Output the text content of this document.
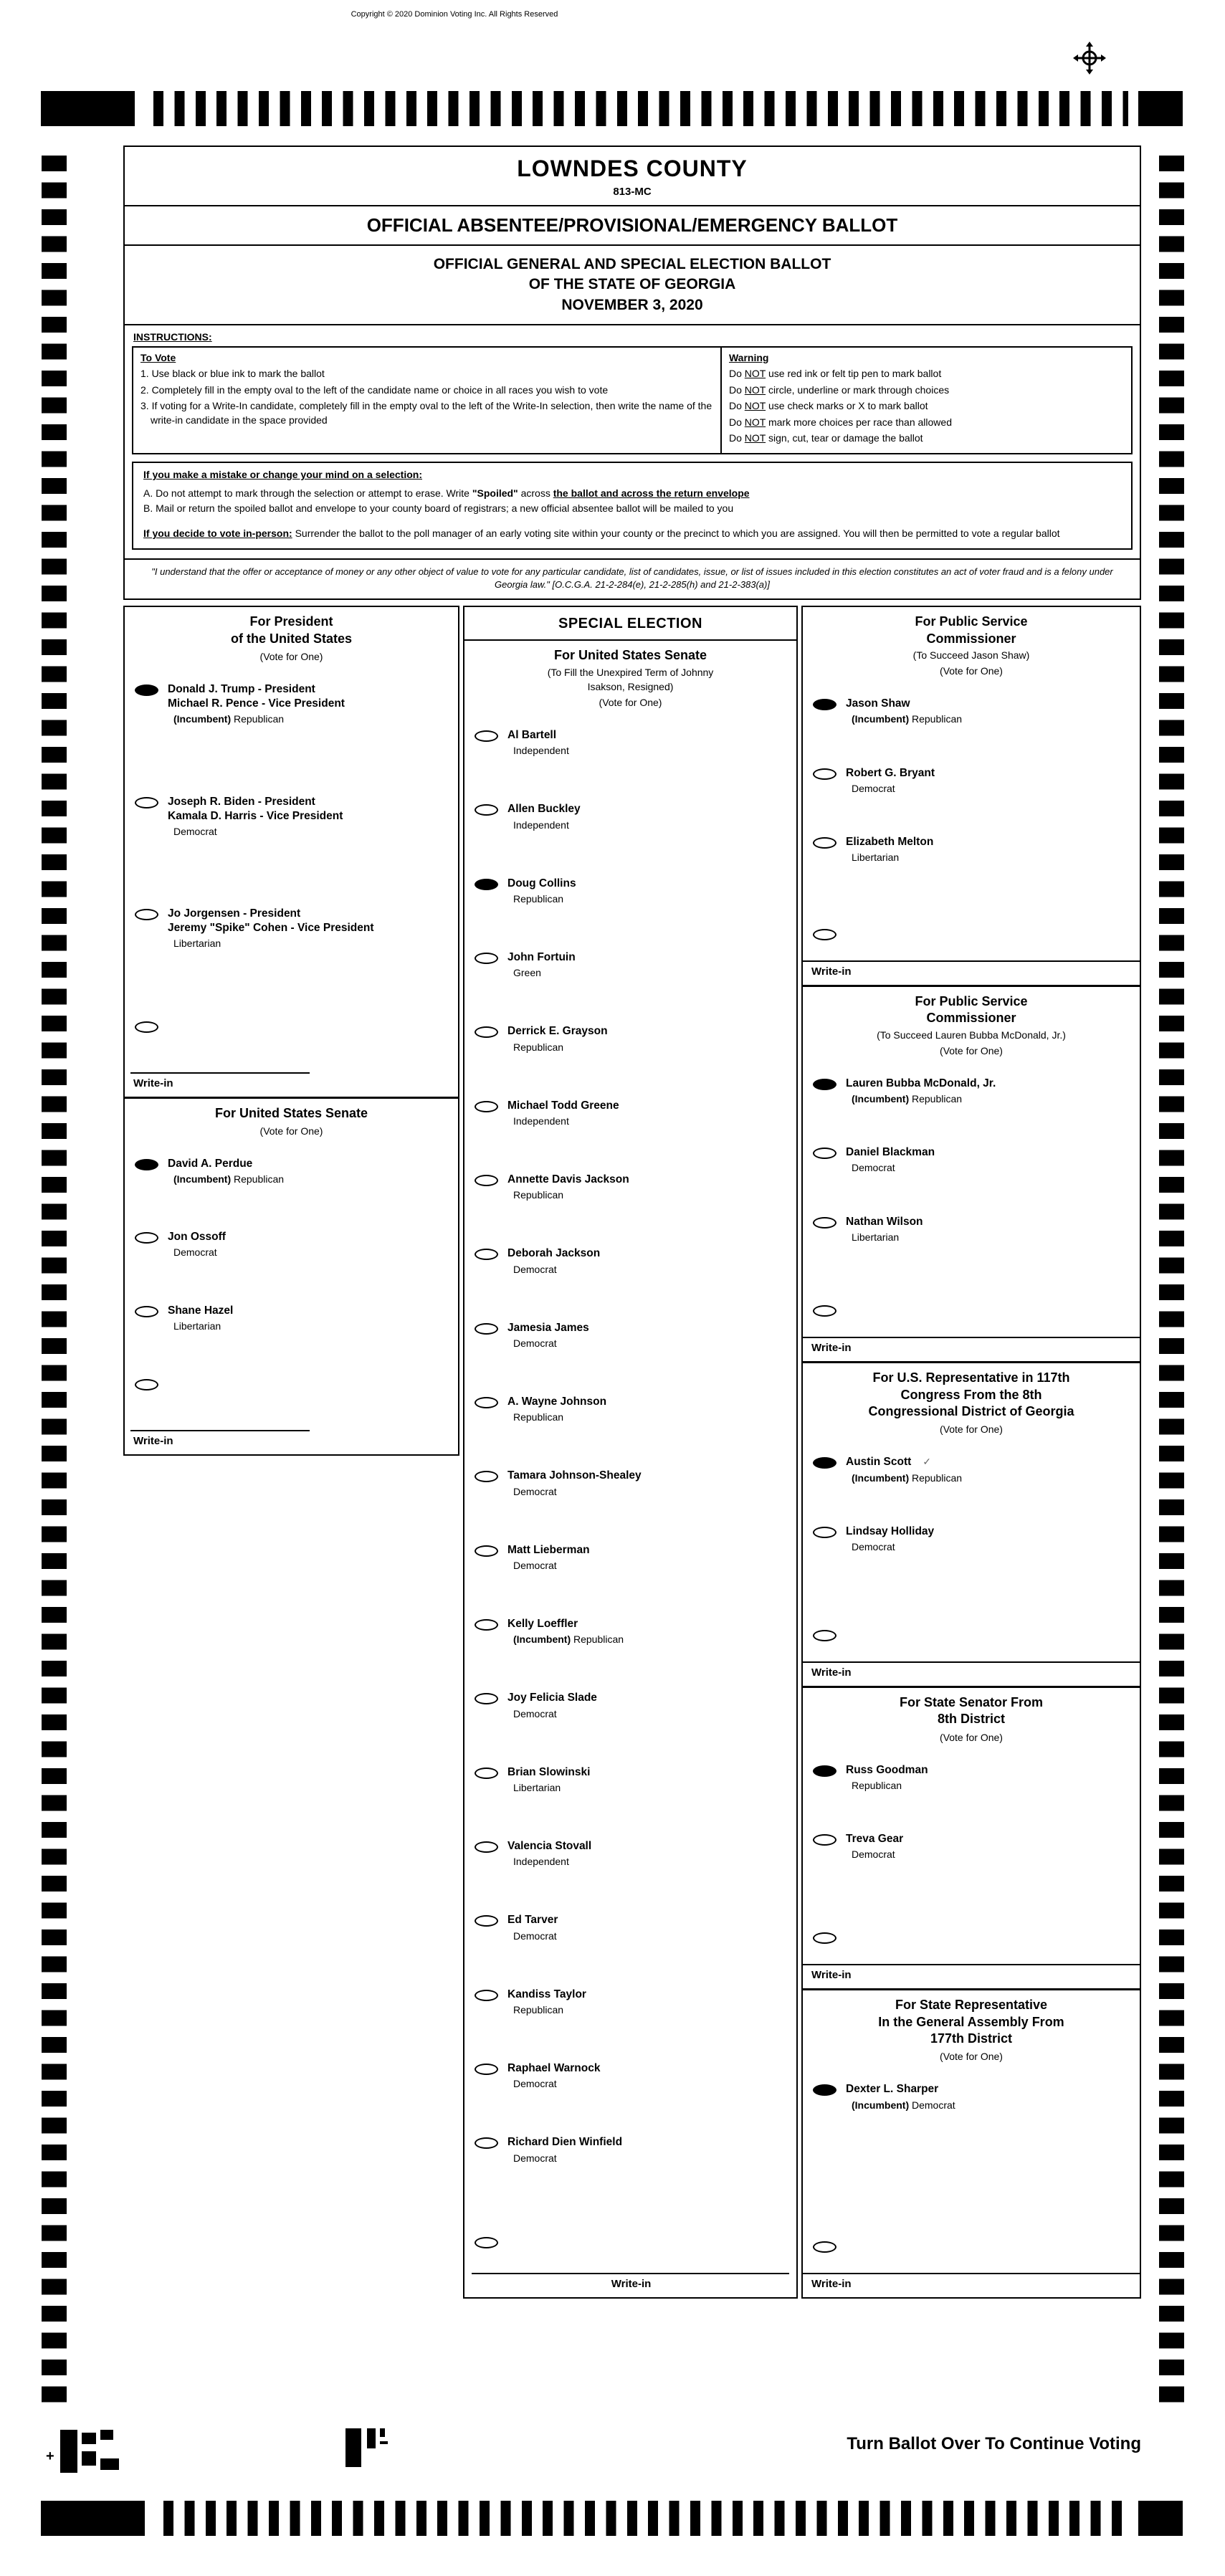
Copyright © 2020 Dominion Voting Inc. All Rights Reserved
LOWNDES COUNTY
813-MC
OFFICIAL ABSENTEE/PROVISIONAL/EMERGENCY BALLOT
OFFICIAL GENERAL AND SPECIAL ELECTION BALLOT
OF THE STATE OF GEORGIA
NOVEMBER 3, 2020
INSTRUCTIONS:
To Vote
1. Use black or blue ink to mark the ballot
2. Completely fill in the empty oval to the left of the candidate name or choice in all races you wish to vote
3. If voting for a Write-In candidate, completely fill in the empty oval to the left of the Write-In selection, then write the name of the write-in candidate in the space provided
Warning
Do NOT use red ink or felt tip pen to mark ballot
Do NOT circle, underline or mark through choices
Do NOT use check marks or X to mark ballot
Do NOT mark more choices per race than allowed
Do NOT sign, cut, tear or damage the ballot
If you make a mistake or change your mind on a selection:
A. Do not attempt to mark through the selection or attempt to erase. Write "Spoiled" across the ballot and across the return envelope
B. Mail or return the spoiled ballot and envelope to your county board of registrars; a new official absentee ballot will be mailed to you
If you decide to vote in-person: Surrender the ballot to the poll manager of an early voting site within your county or the precinct to which you are assigned. You will then be permitted to vote a regular ballot
"I understand that the offer or acceptance of money or any other object of value to vote for any particular candidate, list of candidates, issue, or list of issues included in this election constitutes an act of voter fraud and is a felony under Georgia law." [O.C.G.A. 21-2-284(e), 21-2-285(h) and 21-2-383(a)]
For President
of the United States
(Vote for One)
Donald J. Trump - President
Michael R. Pence - Vice President
(Incumbent) Republican
Joseph R. Biden - President
Kamala D. Harris - Vice President
Democrat
Jo Jorgensen - President
Jeremy "Spike" Cohen - Vice President
Libertarian
Write-in
For United States Senate
(Vote for One)
David A. Perdue
(Incumbent) Republican
Jon Ossoff
Democrat
Shane Hazel
Libertarian
Write-in
SPECIAL ELECTION
For United States Senate
(To Fill the Unexpired Term of Johnny
Isakson, Resigned)
(Vote for One)
Al Bartell
Independent
Allen Buckley
Independent
Doug Collins
Republican
John Fortuin
Green
Derrick E. Grayson
Republican
Michael Todd Greene
Independent
Annette Davis Jackson
Republican
Deborah Jackson
Democrat
Jamesia James
Democrat
A. Wayne Johnson
Republican
Tamara Johnson-Shealey
Democrat
Matt Lieberman
Democrat
Kelly Loeffler
(Incumbent) Republican
Joy Felicia Slade
Democrat
Brian Slowinski
Libertarian
Valencia Stovall
Independent
Ed Tarver
Democrat
Kandiss Taylor
Republican
Raphael Warnock
Democrat
Richard Dien Winfield
Democrat
Write-in
For Public Service
Commissioner
(To Succeed Jason Shaw)
(Vote for One)
Jason Shaw
(Incumbent) Republican
Robert G. Bryant
Democrat
Elizabeth Melton
Libertarian
Write-in
For Public Service
Commissioner
(To Succeed Lauren Bubba McDonald, Jr.)
(Vote for One)
Lauren Bubba McDonald, Jr.
(Incumbent) Republican
Daniel Blackman
Democrat
Nathan Wilson
Libertarian
Write-in
For U.S. Representative in 117th
Congress From the 8th
Congressional District of Georgia
(Vote for One)
Austin Scott ✓
(Incumbent) Republican
Lindsay Holliday
Democrat
Write-in
For State Senator From
8th District
(Vote for One)
Russ Goodman
Republican
Treva Gear
Democrat
Write-in
For State Representative
In the General Assembly From
177th District
(Vote for One)
Dexter L. Sharper
(Incumbent) Democrat
Write-in
+
Turn Ballot Over To Continue Voting
